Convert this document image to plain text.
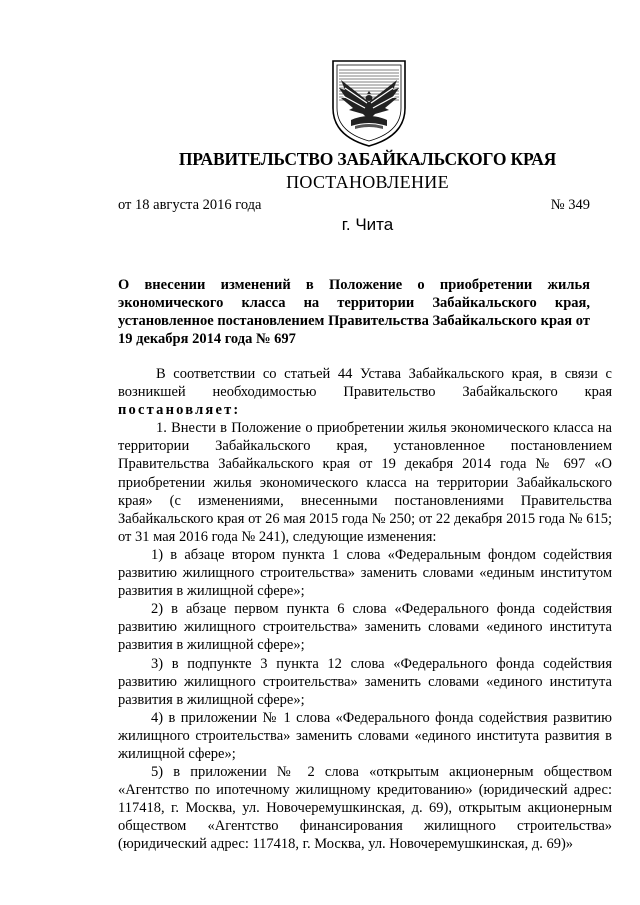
ПРАВИТЕЛЬСТВО ЗАБАЙКАЛЬСКОГО КРАЯ
ПОСТАНОВЛЕНИЕ
от 18 августа 2016 года	№ 349
г. Чита
О внесении изменений в Положение о приобретении жилья экономического класса на территории Забайкальского края, установленное постановлением Правительства Забайкальского края от 19 декабря 2014 года № 697

В соответствии со статьей 44 Устава Забайкальского края, в связи с возникшей необходимостью Правительство Забайкальского края

постановляет:

1. Внести в Положение о приобретении жилья экономического класса на территории Забайкальского края, установленное постановлением Правительства Забайкальского края от 19 декабря 2014 года № 697 «О приобретении жилья экономического класса на территории Забайкальского края» (с изменениями, внесенными постановлениями Правительства Забайкальского края от 26 мая 2015 года № 250; от 22 декабря 2015 года № 615; от 31 мая 2016 года № 241), следующие изменения:

1) в абзаце втором пункта 1 слова «Федеральным фондом содействия развитию жилищного строительства» заменить словами «единым институтом развития в жилищной сфере»;

2) в абзаце первом пункта 6 слова «Федерального фонда содействия развитию жилищного строительства» заменить словами «единого института развития в жилищной сфере»;

3) в подпункте 3 пункта 12 слова «Федерального фонда содействия развитию жилищного строительства» заменить словами «единого института развития в жилищной сфере»;

4) в приложении № 1 слова «Федерального фонда содействия развитию жилищного строительства» заменить словами «единого института развития в жилищной сфере»;

5) в приложении № 2 слова «открытым акционерным обществом «Агентство по ипотечному жилищному кредитованию» (юридический адрес: 117418, г. Москва, ул. Новочеремушкинская, д. 69), открытым акционерным обществом «Агентство финансирования жилищного строительства» (юридический адрес: 117418, г. Москва, ул. Новочеремушкинская, д. 69)»
